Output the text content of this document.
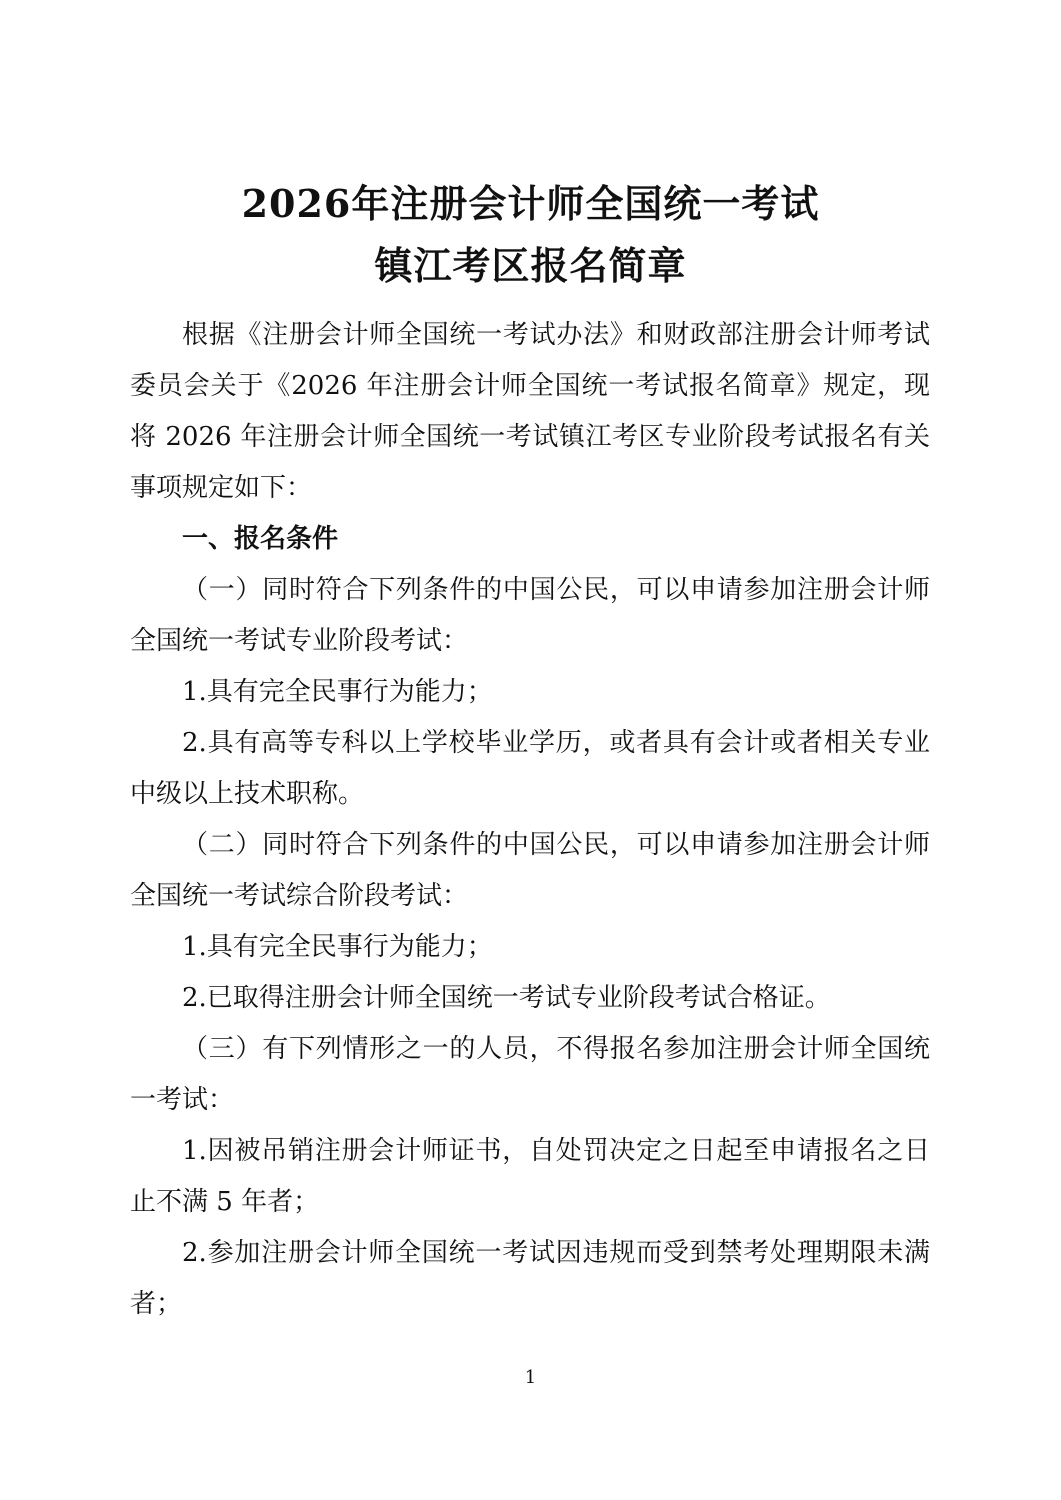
2026年注册会计师全国统一考试
镇江考区报名简章

根据《注册会计师全国统一考试办法》和财政部注册会计师考试委员会关于《2026 年注册会计师全国统一考试报名简章》规定，现将 2026 年注册会计师全国统一考试镇江考区专业阶段考试报名有关事项规定如下：

一、报名条件

（一）同时符合下列条件的中国公民，可以申请参加注册会计师全国统一考试专业阶段考试：

1.具有完全民事行为能力；

2.具有高等专科以上学校毕业学历，或者具有会计或者相关专业中级以上技术职称。

（二）同时符合下列条件的中国公民，可以申请参加注册会计师全国统一考试综合阶段考试：

1.具有完全民事行为能力；

2.已取得注册会计师全国统一考试专业阶段考试合格证。

（三）有下列情形之一的人员，不得报名参加注册会计师全国统一考试：

1.因被吊销注册会计师证书，自处罚决定之日起至申请报名之日止不满 5 年者；

2.参加注册会计师全国统一考试因违规而受到禁考处理期限未满者；

1
